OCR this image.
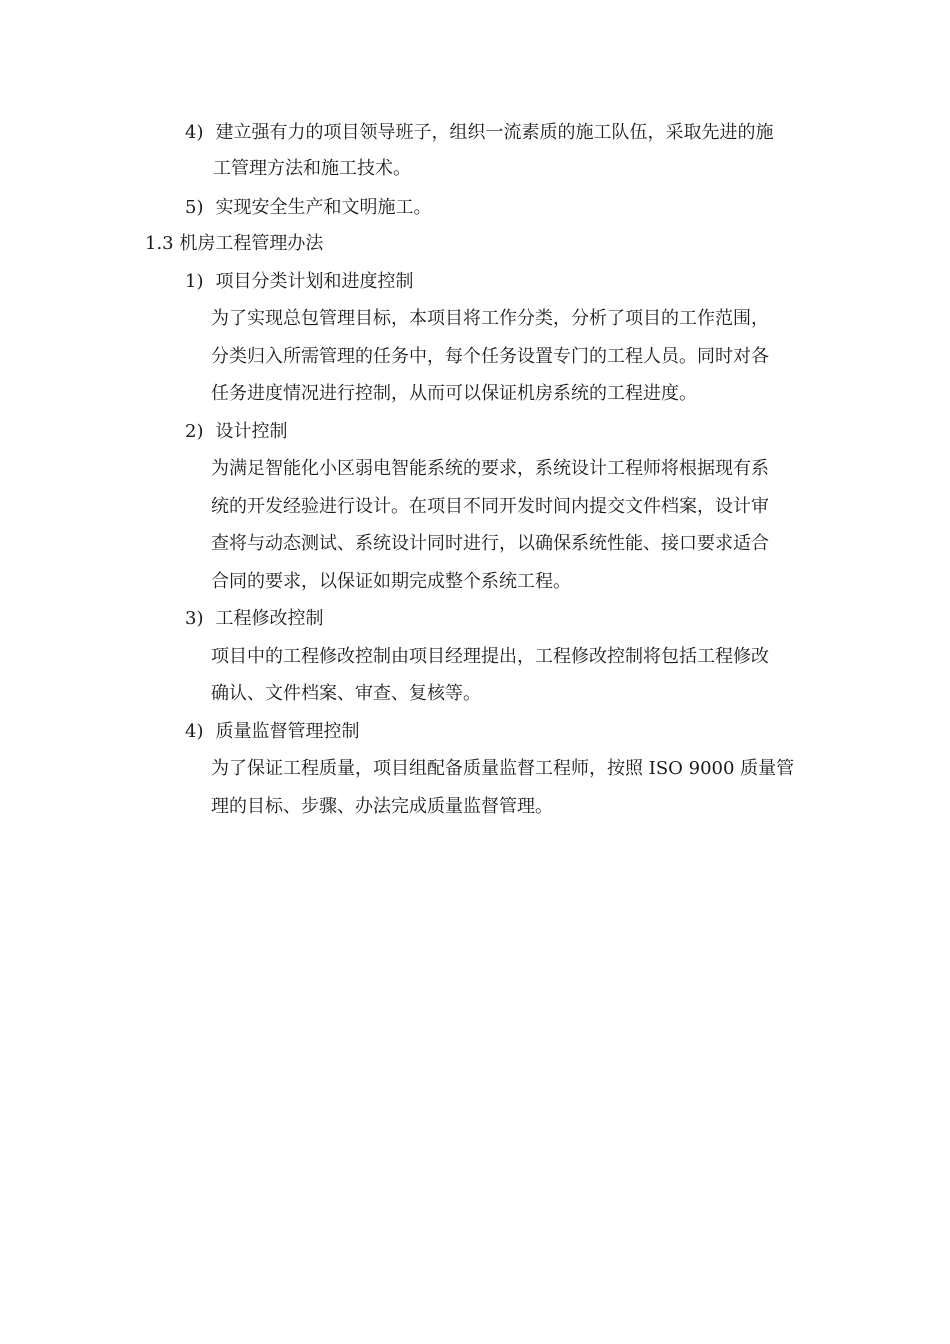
4) 建立强有力的项目领导班子，组织一流素质的施工队伍，采取先进的施
工管理方法和施工技术。
5) 实现安全生产和文明施工。
1.3 机房工程管理办法
1) 项目分类计划和进度控制
为了实现总包管理目标，本项目将工作分类，分析了项目的工作范围，
分类归入所需管理的任务中，每个任务设置专门的工程人员。同时对各
任务进度情况进行控制，从而可以保证机房系统的工程进度。
2) 设计控制
为满足智能化小区弱电智能系统的要求，系统设计工程师将根据现有系
统的开发经验进行设计。在项目不同开发时间内提交文件档案，设计审
查将与动态测试、系统设计同时进行，以确保系统性能、接口要求适合
合同的要求，以保证如期完成整个系统工程。
3) 工程修改控制
项目中的工程修改控制由项目经理提出，工程修改控制将包括工程修改
确认、文件档案、审查、复核等。
4) 质量监督管理控制
为了保证工程质量，项目组配备质量监督工程师，按照 ISO 9000 质量管
理的目标、步骤、办法完成质量监督管理。
